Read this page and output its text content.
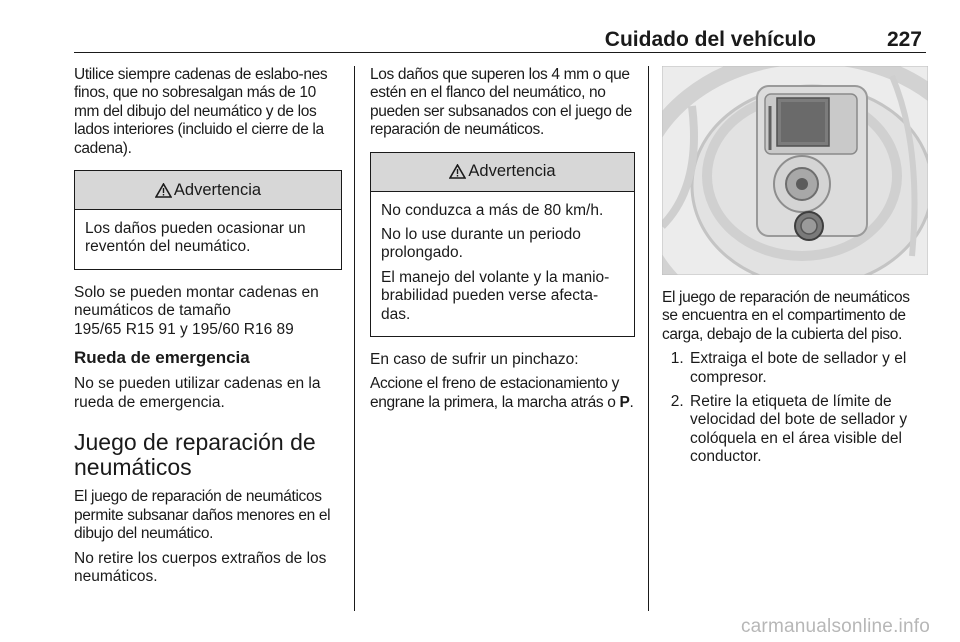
Cuidado del vehículo	227

Utilice siempre cadenas de eslabo-nes finos, que no sobresalgan más de 10 mm del dibujo del neumático y de los lados interiores (incluido el cierre de la cadena).

Advertencia

Los daños pueden ocasionar un reventón del neumático.

Solo se pueden montar cadenas en neumáticos de tamaño

195/65 R15 91 y 195/60 R16 89

Rueda de emergencia

No se pueden utilizar cadenas en la rueda de emergencia.

Juego de reparación de neumáticos

El juego de reparación de neumáticos permite subsanar daños menores en el dibujo del neumático.

No retire los cuerpos extraños de los neumáticos.

Los daños que superen los 4 mm o que estén en el flanco del neumático, no pueden ser subsanados con el juego de reparación de neumáticos.

Advertencia

No conduzca a más de 80 km/h.

No lo use durante un periodo prolongado.

El manejo del volante y la manio-brabilidad pueden verse afecta-das.

En caso de sufrir un pinchazo:

Accione el freno de estacionamiento y engrane la primera, la marcha atrás o P.

El juego de reparación de neumáticos se encuentra en el compartimento de carga, debajo de la cubierta del piso.

1. Extraiga el bote de sellador y el compresor.
2. Retire la etiqueta de límite de velocidad del bote de sellador y colóquela en el área visible del conductor.
carmanualsonline.info
